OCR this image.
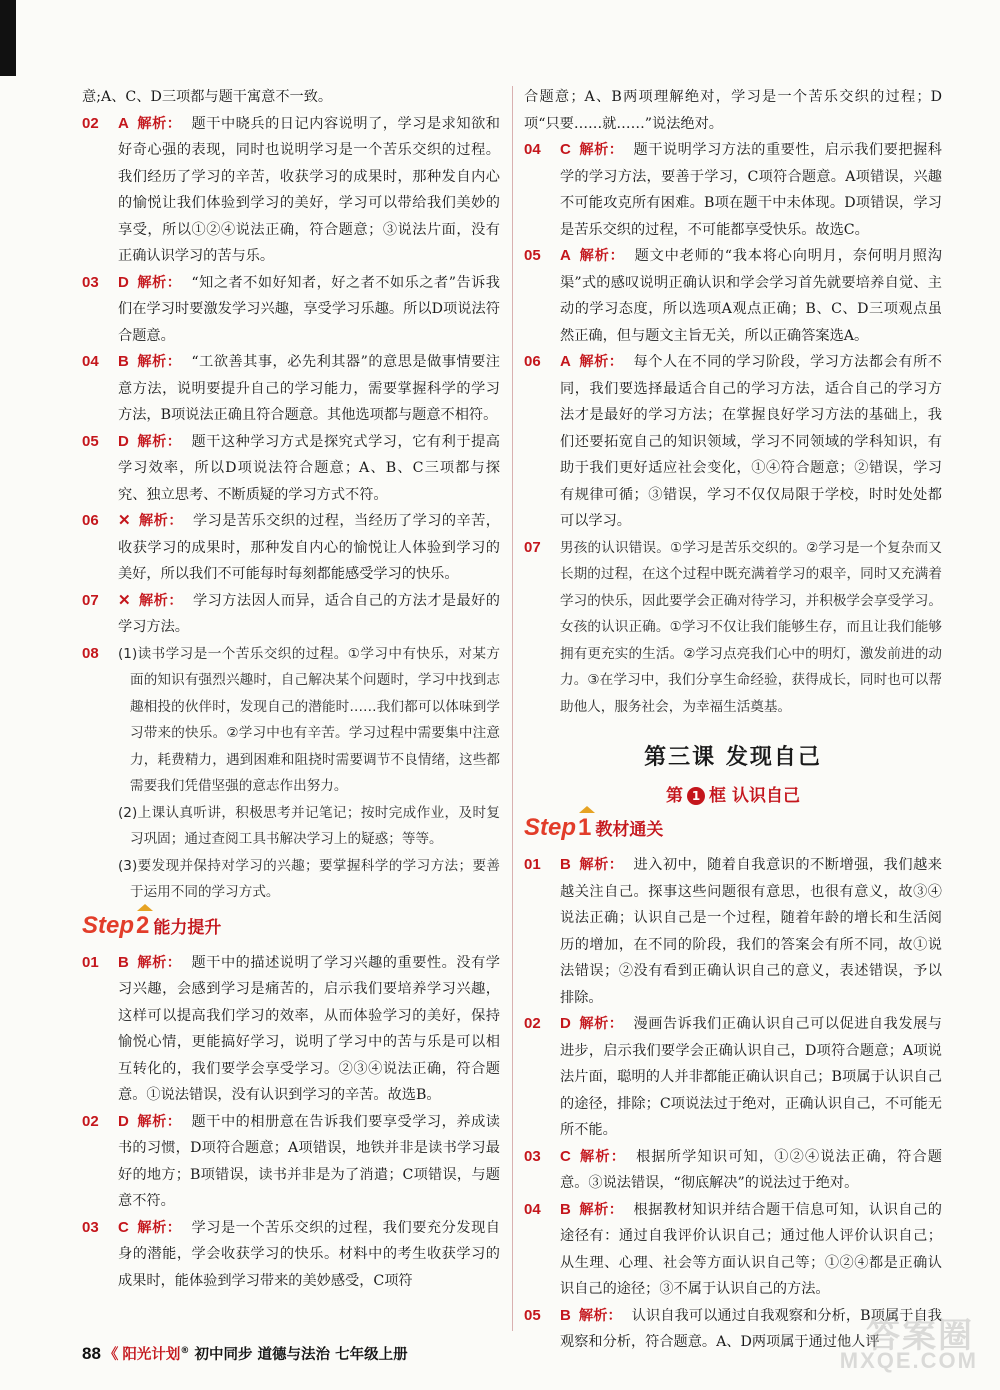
意;A、C、D三项都与题干寓意不一致。
02 A 解析： 题干中晓兵的日记内容说明了，学习是求知欲和好奇心强的表现，同时也说明学习是一个苦乐交织的过程。我们经历了学习的辛苦，收获学习的成果时，那种发自内心的愉悦让我们体验到学习的美好，学习可以带给我们美妙的享受，所以①②④说法正确，符合题意；③说法片面，没有正确认识学习的苦与乐。
03 D 解析： “知之者不如好知者，好之者不如乐之者”告诉我们在学习时要激发学习兴趣，享受学习乐趣。所以D项说法符合题意。
04 B 解析： “工欲善其事，必先利其器”的意思是做事情要注意方法，说明要提升自己的学习能力，需要掌握科学的学习方法，B项说法正确且符合题意。其他选项都与题意不相符。
05 D 解析： 题干这种学习方式是探究式学习，它有利于提高学习效率，所以D项说法符合题意；A、B、C三项都与探究、独立思考、不断质疑的学习方式不符。
06 ✕ 解析： 学习是苦乐交织的过程，当经历了学习的辛苦，收获学习的成果时，那种发自内心的愉悦让人体验到学习的美好，所以我们不可能每时每刻都能感受学习的快乐。
07 ✕ 解析： 学习方法因人而异，适合自己的方法才是最好的学习方法。
08 (1)读书学习是一个苦乐交织的过程。①学习中有快乐，对某方面的知识有强烈兴趣时，自己解决某个问题时，学习中找到志趣相投的伙伴时，发现自己的潜能时……我们都可以体味到学习带来的快乐。②学习中也有辛苦。学习过程中需要集中注意力，耗费精力，遇到困难和阻挠时需要调节不良情绪，这些都需要我们凭借坚强的意志作出努力。
(2)上课认真听讲，积极思考并记笔记；按时完成作业，及时复习巩固；通过查阅工具书解决学习上的疑惑；等等。
(3)要发现并保持对学习的兴趣；要掌握科学的学习方法；要善于运用不同的学习方式。
Step2 能力提升
01 B 解析： 题干中的描述说明了学习兴趣的重要性。没有学习兴趣，会感到学习是痛苦的，启示我们要培养学习兴趣，这样可以提高我们学习的效率，从而体验学习的美好，保持愉悦心情，更能搞好学习，说明了学习中的苦与乐是可以相互转化的，我们要学会享受学习。②③④说法正确，符合题意。①说法错误，没有认识到学习的辛苦。故选B。
02 D 解析： 题干中的相册意在告诉我们要享受学习，养成读书的习惯，D项符合题意；A项错误，地铁并非是读书学习最好的地方；B项错误，读书并非是为了消遣；C项错误，与题意不符。
03 C 解析： 学习是一个苦乐交织的过程，我们要充分发现自身的潜能，学会收获学习的快乐。材料中的考生收获学习的成果时，能体验到学习带来的美妙感受，C项符
合题意；A、B两项理解绝对，学习是一个苦乐交织的过程；D项“只要……就……”说法绝对。
04 C 解析： 题干说明学习方法的重要性，启示我们要把握科学的学习方法，要善于学习，C项符合题意。A项错误，兴趣不可能攻克所有困难。B项在题干中未体现。D项错误，学习是苦乐交织的过程，不可能都享受快乐。故选C。
05 A 解析： 题文中老师的“我本将心向明月，奈何明月照沟渠”式的感叹说明正确认识和学会学习首先就要培养自觉、主动的学习态度，所以选项A观点正确；B、C、D三项观点虽然正确，但与题文主旨无关，所以正确答案选A。
06 A 解析： 每个人在不同的学习阶段，学习方法都会有所不同，我们要选择最适合自己的学习方法，适合自己的学习方法才是最好的学习方法；在掌握良好学习方法的基础上，我们还要拓宽自己的知识领域，学习不同领域的学科知识，有助于我们更好适应社会变化，①④符合题意；②错误，学习有规律可循；③错误，学习不仅仅局限于学校，时时处处都可以学习。
07 男孩的认识错误。①学习是苦乐交织的。②学习是一个复杂而又长期的过程，在这个过程中既充满着学习的艰辛，同时又充满着学习的快乐，因此要学会正确对待学习，并积极学会享受学习。女孩的认识正确。①学习不仅让我们能够生存，而且让我们能够拥有更充实的生活。②学习点亮我们心中的明灯，激发前进的动力。③在学习中，我们分享生命经验，获得成长，同时也可以帮助他人，服务社会，为幸福生活奠基。
第三课 发现自己
第 1 框 认识自己
Step1 教材通关
01 B 解析： 进入初中，随着自我意识的不断增强，我们越来越关注自己。探事这些问题很有意思，也很有意义，故③④说法正确；认识自己是一个过程，随着年龄的增长和生活阅历的增加，在不同的阶段，我们的答案会有所不同，故①说法错误；②没有看到正确认识自己的意义，表述错误，予以排除。
02 D 解析： 漫画告诉我们正确认识自己可以促进自我发展与进步，启示我们要学会正确认识自己，D项符合题意；A项说法片面，聪明的人并非都能正确认识自己；B项属于认识自己的途径，排除；C项说法过于绝对，正确认识自己，不可能无所不能。
03 C 解析： 根据所学知识可知，①②④说法正确，符合题意。③说法错误，“彻底解决”的说法过于绝对。
04 B 解析： 根据教材知识并结合题干信息可知，认识自己的途径有：通过自我评价认识自己；通过他人评价认识自己；从生理、心理、社会等方面认识自己等；①②④都是正确认识自己的途径；③不属于认识自己的方法。
05 B 解析： 认识自我可以通过自我观察和分析，B项属于自我观察和分析，符合题意。A、D两项属于通过他人评
88 《 阳光计划® 初中同步 道德与法治 七年级上册	答案圈
MXQE.COM
